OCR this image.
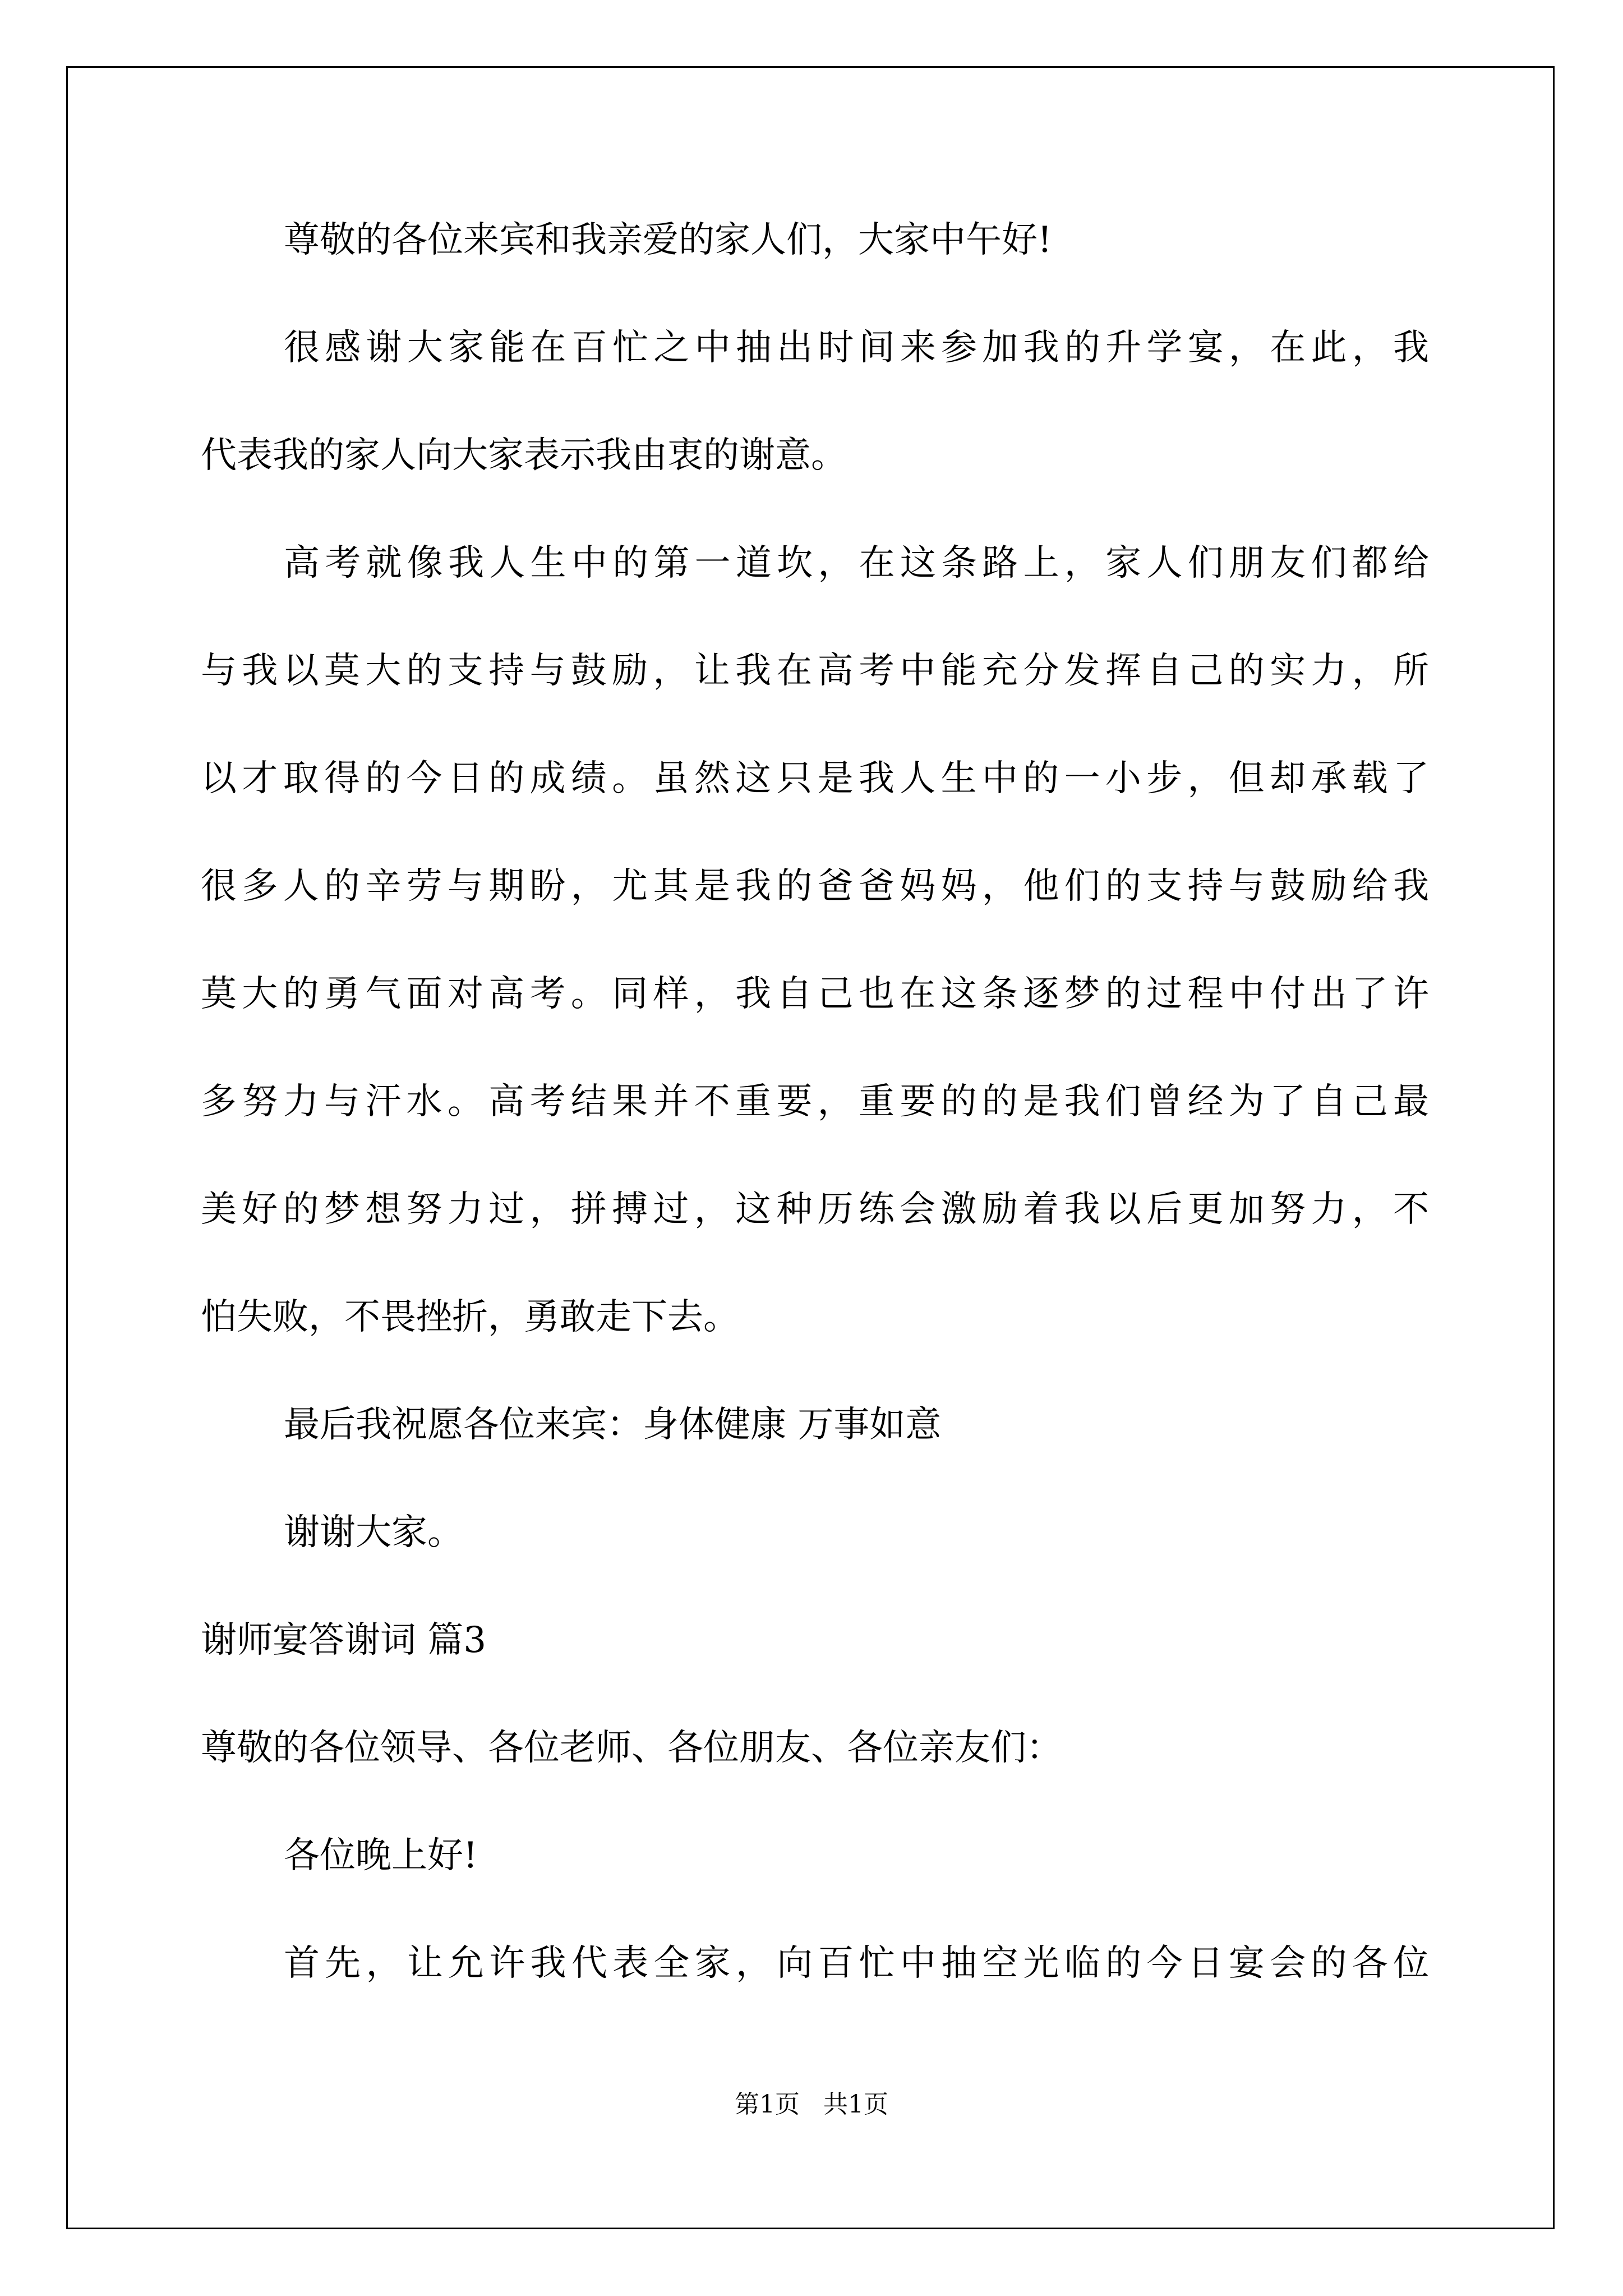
尊敬的各位来宾和我亲爱的家人们，大家中午好!
很感谢大家能在百忙之中抽出时间来参加我的升学宴，在此，我
代表我的家人向大家表示我由衷的谢意。
高考就像我人生中的第一道坎，在这条路上，家人们朋友们都给
与我以莫大的支持与鼓励，让我在高考中能充分发挥自己的实力，所
以才取得的今日的成绩。虽然这只是我人生中的一小步，但却承载了
很多人的辛劳与期盼，尤其是我的爸爸妈妈，他们的支持与鼓励给我
莫大的勇气面对高考。同样，我自己也在这条逐梦的过程中付出了许
多努力与汗水。高考结果并不重要，重要的的是我们曾经为了自己最
美好的梦想努力过，拼搏过，这种历练会激励着我以后更加努力，不
怕失败，不畏挫折，勇敢走下去。
最后我祝愿各位来宾：身体健康 万事如意
谢谢大家。
谢师宴答谢词 篇3
尊敬的各位领导、各位老师、各位朋友、各位亲友们：
各位晚上好!
首先，让允许我代表全家，向百忙中抽空光临的今日宴会的各位
第1页 共1页
